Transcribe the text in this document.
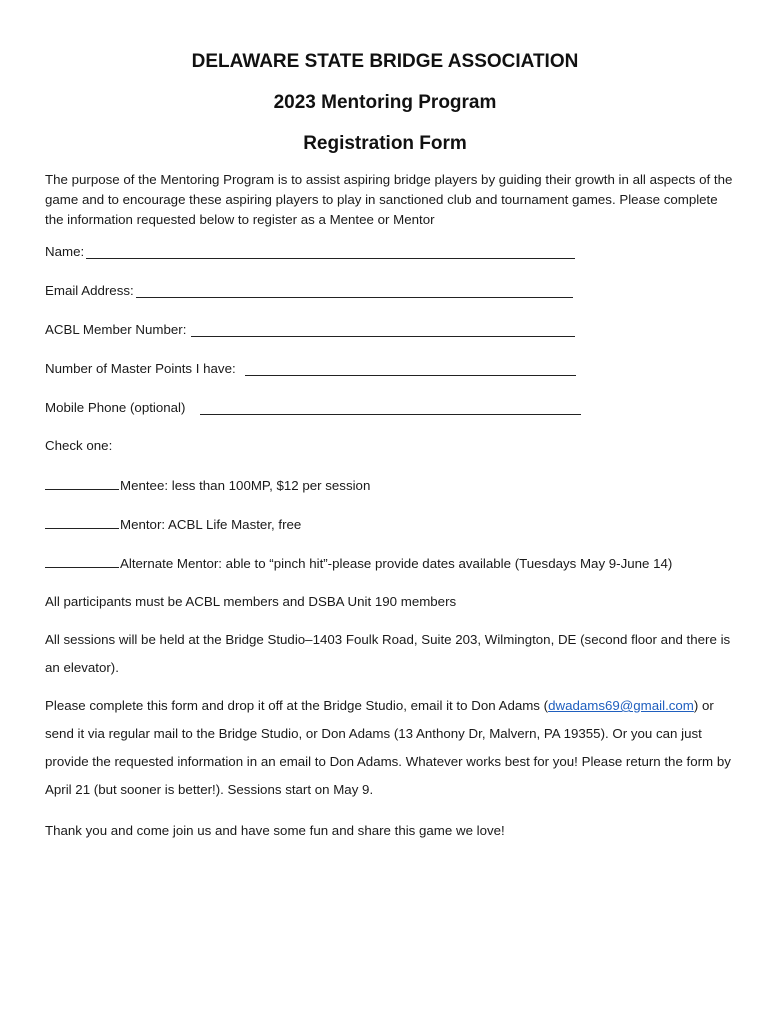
DELAWARE STATE BRIDGE ASSOCIATION
2023 Mentoring Program
Registration Form

The purpose of the Mentoring Program is to assist aspiring bridge players by guiding their growth in all aspects of the game and to encourage these aspiring players to play in sanctioned club and tournament games. Please complete the information requested below to register as a Mentee or Mentor

Name:
Email Address:
ACBL Member Number:
Number of Master Points I have:
Mobile Phone (optional)

Check one:

Mentee: less than 100MP, $12 per session

Mentor: ACBL Life Master, free

Alternate Mentor: able to “pinch hit”-please provide dates available (Tuesdays May 9-June 14)

All participants must be ACBL members and DSBA Unit 190 members

All sessions will be held at the Bridge Studio–1403 Foulk Road, Suite 203, Wilmington, DE (second floor and there is an elevator).

Please complete this form and drop it off at the Bridge Studio, email it to Don Adams (dwadams69@gmail.com) or send it via regular mail to the Bridge Studio, or Don Adams (13 Anthony Dr, Malvern, PA 19355). Or you can just provide the requested information in an email to Don Adams. Whatever works best for you! Please return the form by April 21 (but sooner is better!). Sessions start on May 9.

Thank you and come join us and have some fun and share this game we love!
